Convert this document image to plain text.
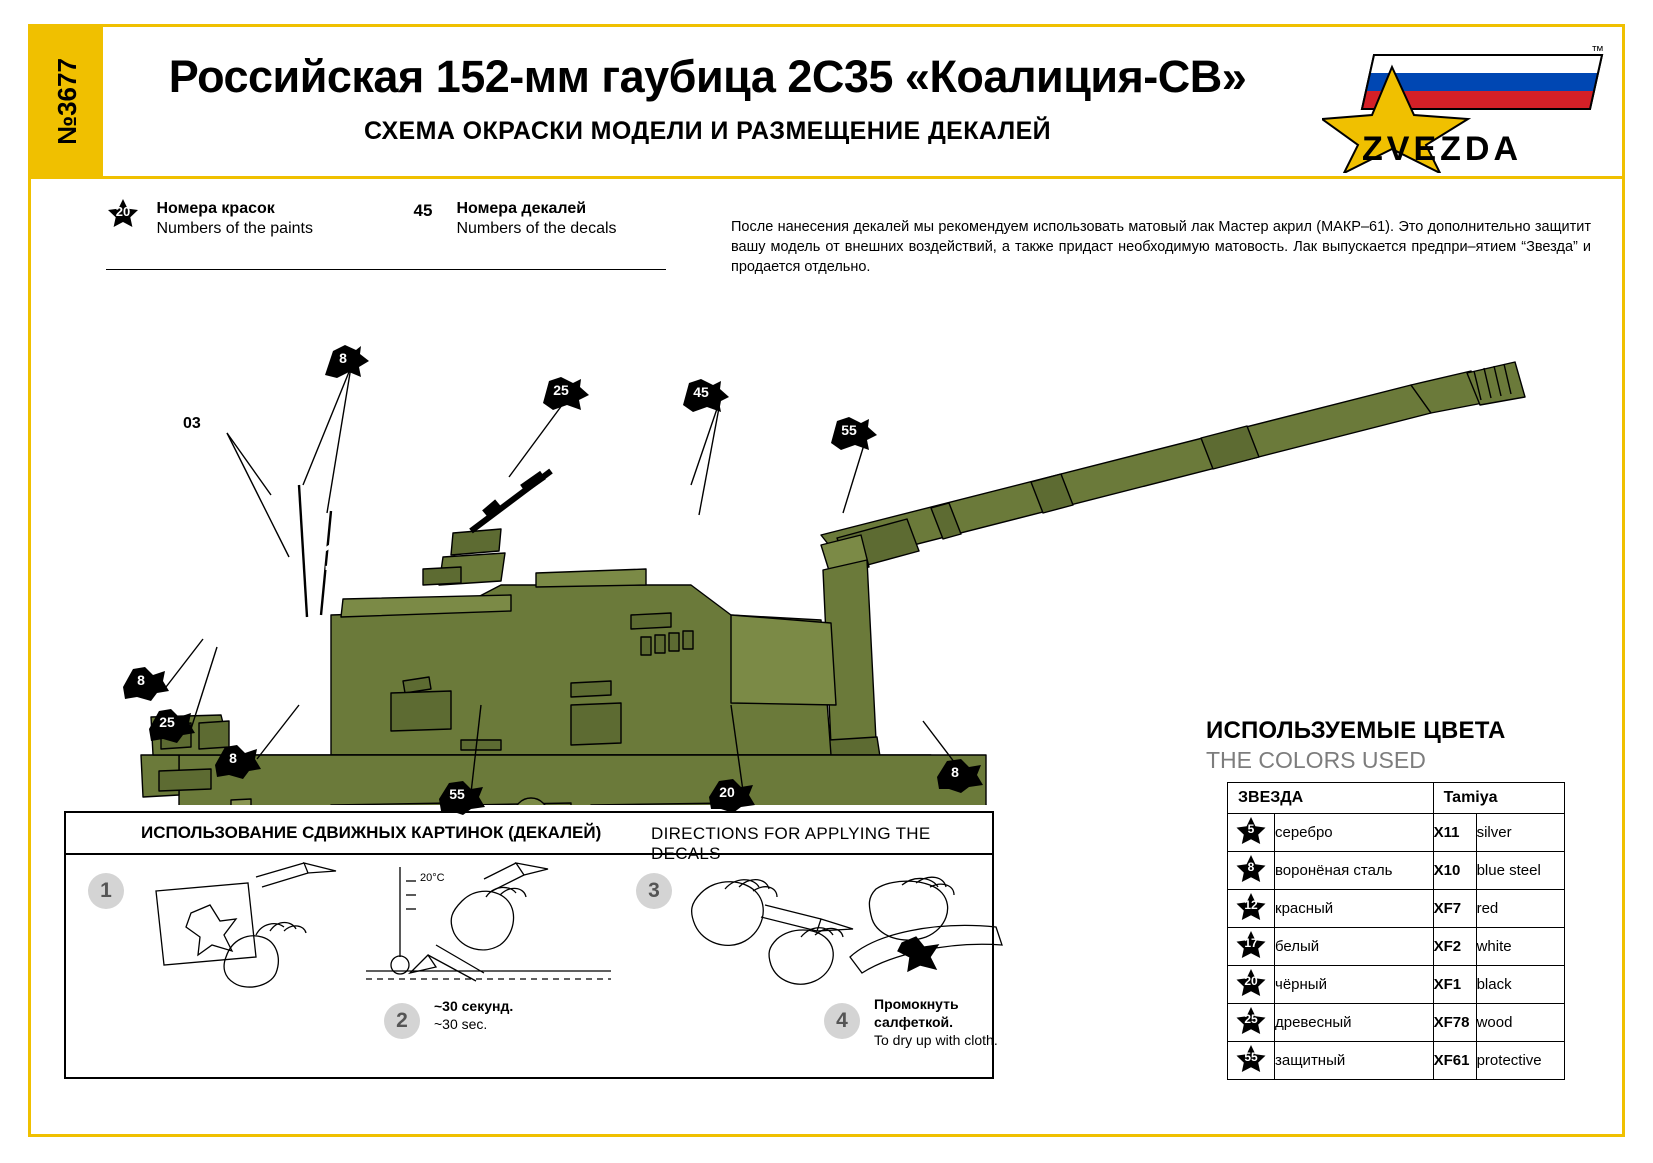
№3677	Российская 152-мм гаубица 2С35 «Коалиция-СВ»
СХЕМА ОКРАСКИ МОДЕЛИ И РАЗМЕЩЕНИЕ ДЕКАЛЕЙ
™
ZVEZDA
20
	Номера красок
Numbers of the paints
45 Номера декалей
Numbers of the decals	После нанесения декалей мы рекомендуем использовать матовый лак Мастер акрил (МАКР–61). Это дополнительно защитит вашу модель от внешних воздействий, а также придаст необходимую матовость. Лак выпускается предпри–ятием “Звезда” и продается отдельно.
123
03
8
25	45
55
8
25
8
55	20
8
ИСПОЛЬЗОВАНИЕ СДВИЖНЫХ КАРТИНОК (ДЕКАЛЕЙ)	DIRECTIONS FOR APPLYING THE DECALS
1
2
20°C
~30 секунд.
~30 sec.
3
4
Промокнуть салфеткой.
To dry up with cloth.
ИСПОЛЬЗУЕМЫЕ ЦВЕТА
THE COLORS USED
ЗВЕЗДА		Tamiya	

5	серебро	X11	silver

8	воронёная сталь	X10	blue steel

12	красный	XF7	red

17	белый	XF2	white

20	чёрный	XF1	black

25	древесный	XF78	wood

55	защитный	XF61	protective
